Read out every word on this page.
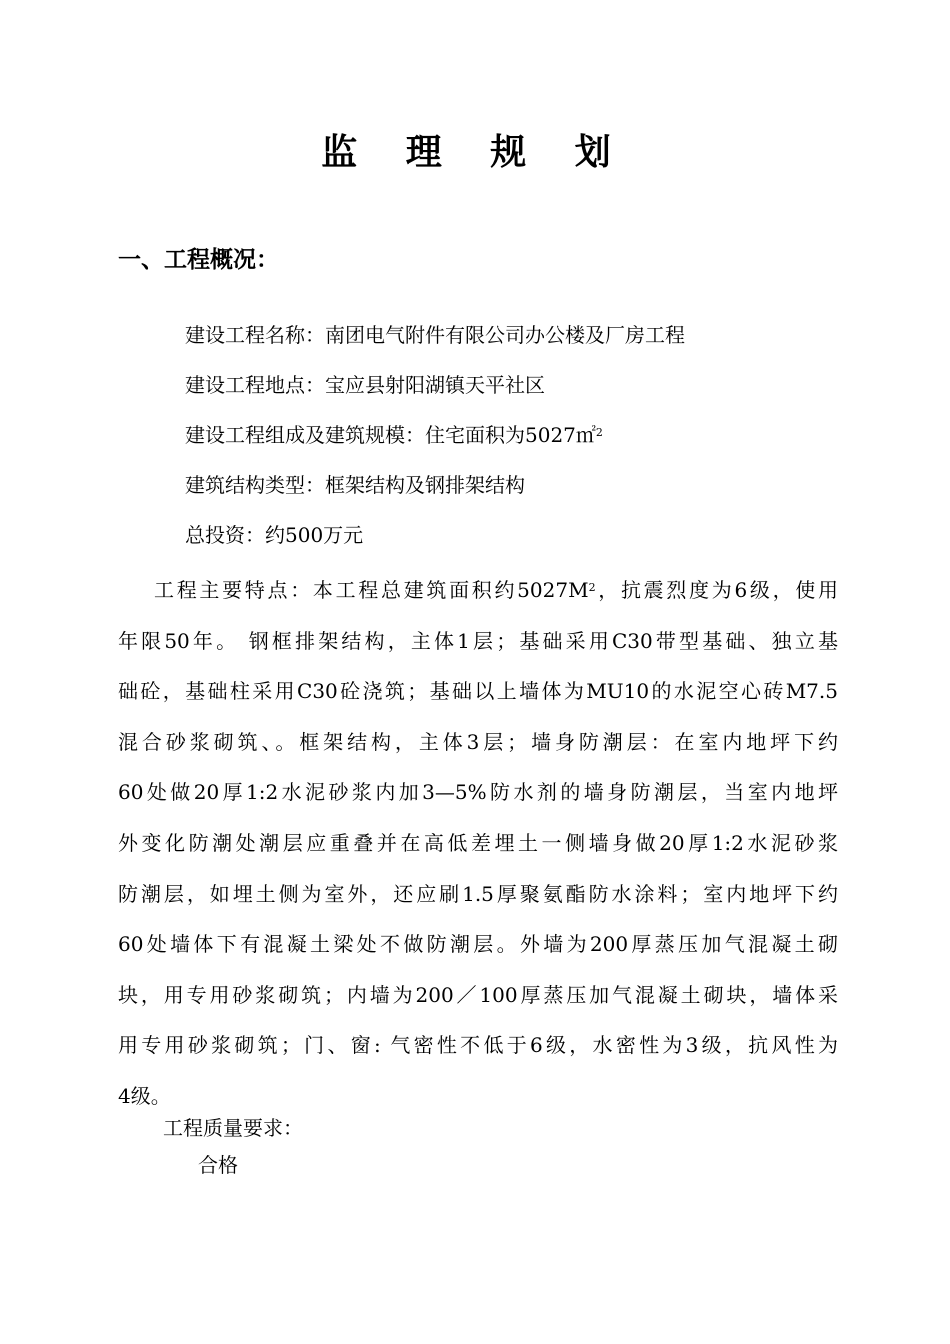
监 理 规 划
一、工程概况：
建设工程名称：南团电气附件有限公司办公楼及厂房工程
建设工程地点：宝应县射阳湖镇天平社区
建设工程组成及建筑规模：住宅面积为5027㎡$^2$
建筑结构类型：框架结构及钢排架结构
总投资：约500万元
工程主要特点：本工程总建筑面积约$5027M^2$，抗震烈度为6级，使用
年限50年。 钢框排架结构，主体1层；基础采用C30带型基础、独立基
础砼，基础柱采用C30砼浇筑；基础以上墙体为MU10的水泥空心砖M7.5
混合砂浆砌筑、。框架结构，主体3层；墙身防潮层：在室内地坪下约
60处做20厚1:2水泥砂浆内加3—5%防水剂的墙身防潮层，当室内地坪
外变化防潮处潮层应重叠并在高低差埋土一侧墙身做20厚1:2水泥砂浆
防潮层，如埋土侧为室外，还应刷1.5厚聚氨酯防水涂料；室内地坪下约
60处墙体下有混凝土梁处不做防潮层。外墙为200厚蒸压加气混凝土砌
块，用专用砂浆砌筑；内墙为200／100厚蒸压加气混凝土砌块，墙体采
用专用砂浆砌筑；门、窗: 气密性不低于6级，水密性为3级，抗风性为
4级。
工程质量要求：
合格
